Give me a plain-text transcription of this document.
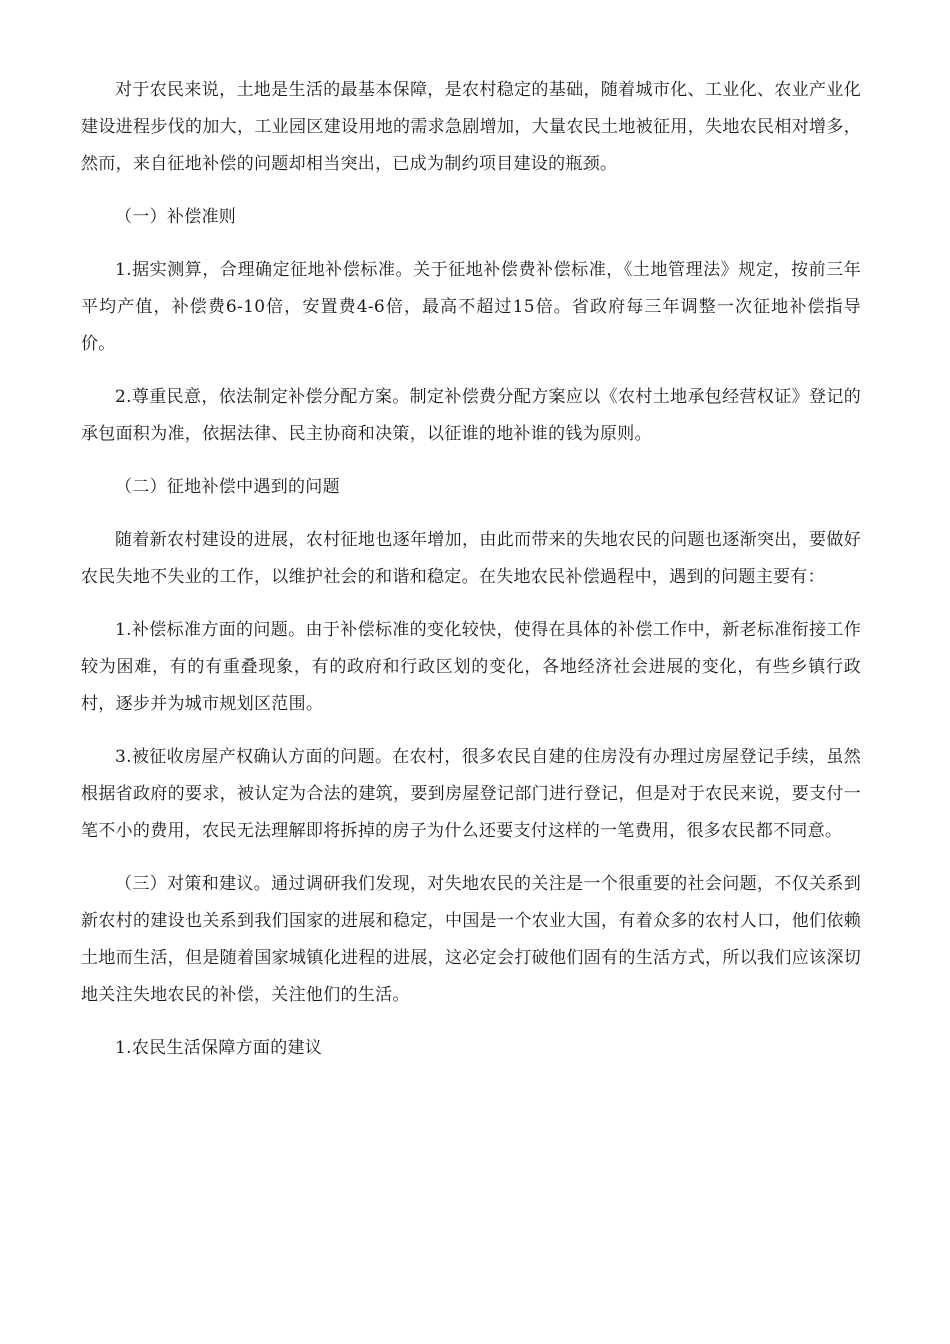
对于农民来说，土地是生活的最基本保障，是农村稳定的基础，随着城市化、工业化、农业产业化建设进程步伐的加大，工业园区建设用地的需求急剧增加，大量农民土地被征用，失地农民相对增多，然而，来自征地补偿的问题却相当突出，已成为制约项目建设的瓶颈。

（一）补偿准则

1.据实测算，合理确定征地补偿标准。关于征地补偿费补偿标准，《土地管理法》规定，按前三年平均产值，补偿费6-10倍，安置费4-6倍，最高不超过15倍。省政府每三年调整一次征地补偿指导价。

2.尊重民意，依法制定补偿分配方案。制定补偿费分配方案应以《农村土地承包经营权证》登记的承包面积为准，依据法律、民主协商和决策，以征谁的地补谁的钱为原则。

（二）征地补偿中遇到的问题

随着新农村建设的进展，农村征地也逐年增加，由此而带来的失地农民的问题也逐渐突出，要做好农民失地不失业的工作，以维护社会的和谐和稳定。在失地农民补偿過程中，遇到的问题主要有：

1.补偿标准方面的问题。由于补偿标准的变化较快，使得在具体的补偿工作中，新老标准衔接工作较为困难，有的有重叠现象，有的政府和行政区划的变化，各地经济社会进展的变化，有些乡镇行政村，逐步并为城市规划区范围。

3.被征收房屋产权确认方面的问题。在农村，很多农民自建的住房没有办理过房屋登记手续，虽然根据省政府的要求，被认定为合法的建筑，要到房屋登记部门进行登记，但是对于农民来说，要支付一笔不小的费用，农民无法理解即将拆掉的房子为什么还要支付这样的一笔费用，很多农民都不同意。

（三）对策和建议。通过调研我们发现，对失地农民的关注是一个很重要的社会问题，不仅关系到新农村的建设也关系到我们国家的进展和稳定，中国是一个农业大国，有着众多的农村人口，他们依赖土地而生活，但是随着国家城镇化进程的进展，这必定会打破他们固有的生活方式，所以我们应该深切地关注失地农民的补偿，关注他们的生活。

1.农民生活保障方面的建议
